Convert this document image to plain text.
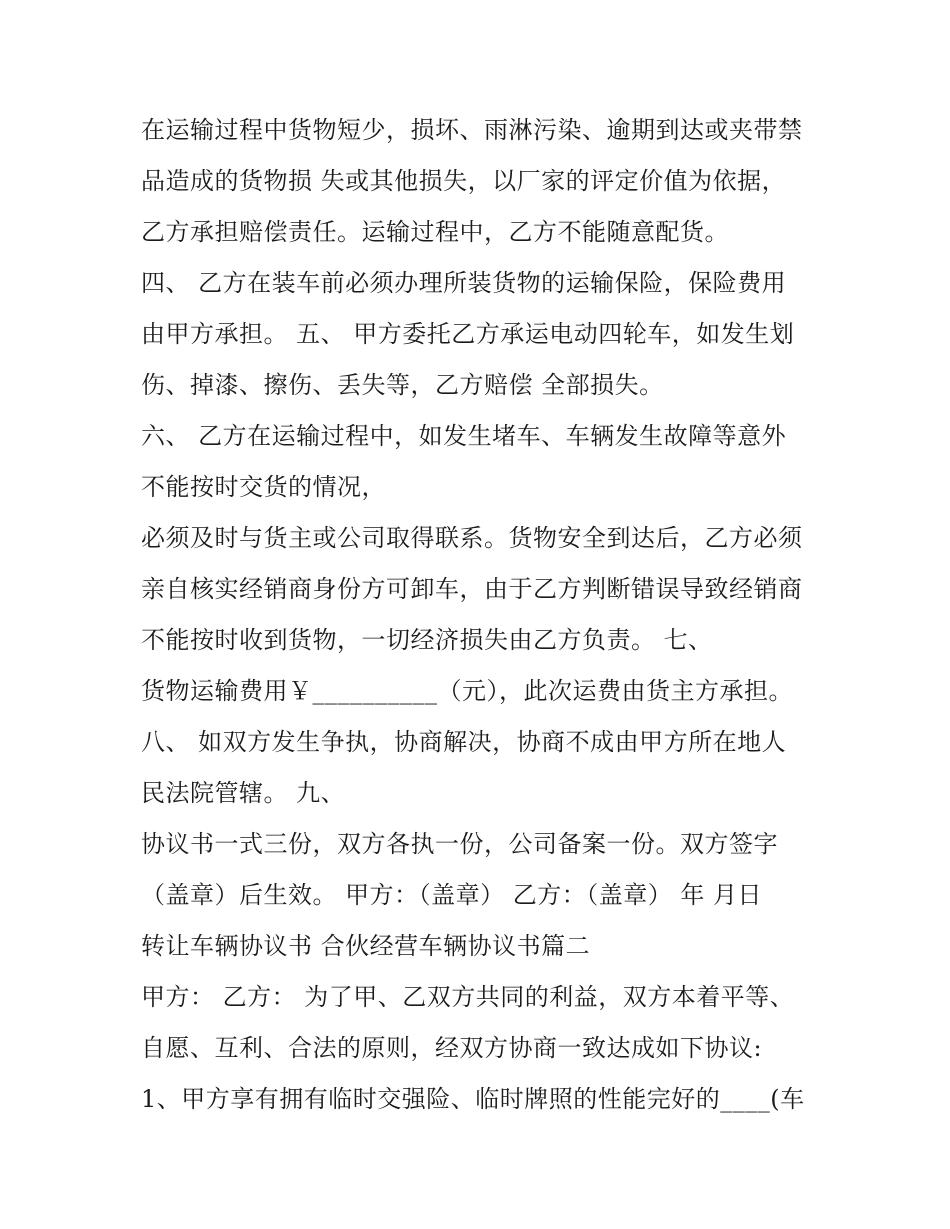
在运输过程中货物短少，损坏、雨淋污染、逾期到达或夹带禁
品造成的货物损 失或其他损失，以厂家的评定价值为依据，
乙方承担赔偿责任。运输过程中，乙方不能随意配货。
四、 乙方在装车前必须办理所装货物的运输保险，保险费用
由甲方承担。 五、 甲方委托乙方承运电动四轮车，如发生划
伤、掉漆、擦伤、丢失等，乙方赔偿 全部损失。
六、 乙方在运输过程中，如发生堵车、车辆发生故障等意外
不能按时交货的情况，
必须及时与货主或公司取得联系。货物安全到达后，乙方必须
亲自核实经销商身份方可卸车，由于乙方判断错误导致经销商
不能按时收到货物，一切经济损失由乙方负责。 七、
货物运输费用￥__________（元），此次运费由货主方承担。
八、 如双方发生争执，协商解决，协商不成由甲方所在地人
民法院管辖。 九、
协议书一式三份，双方各执一份，公司备案一份。双方签字
（盖章）后生效。 甲方：（盖章） 乙方：（盖章） 年 月日
转让车辆协议书 合伙经营车辆协议书篇二
甲方： 乙方： 为了甲、乙双方共同的利益，双方本着平等、
自愿、互利、合法的原则，经双方协商一致达成如下协议:
1、甲方享有拥有临时交强险、临时牌照的性能完好的____(车
